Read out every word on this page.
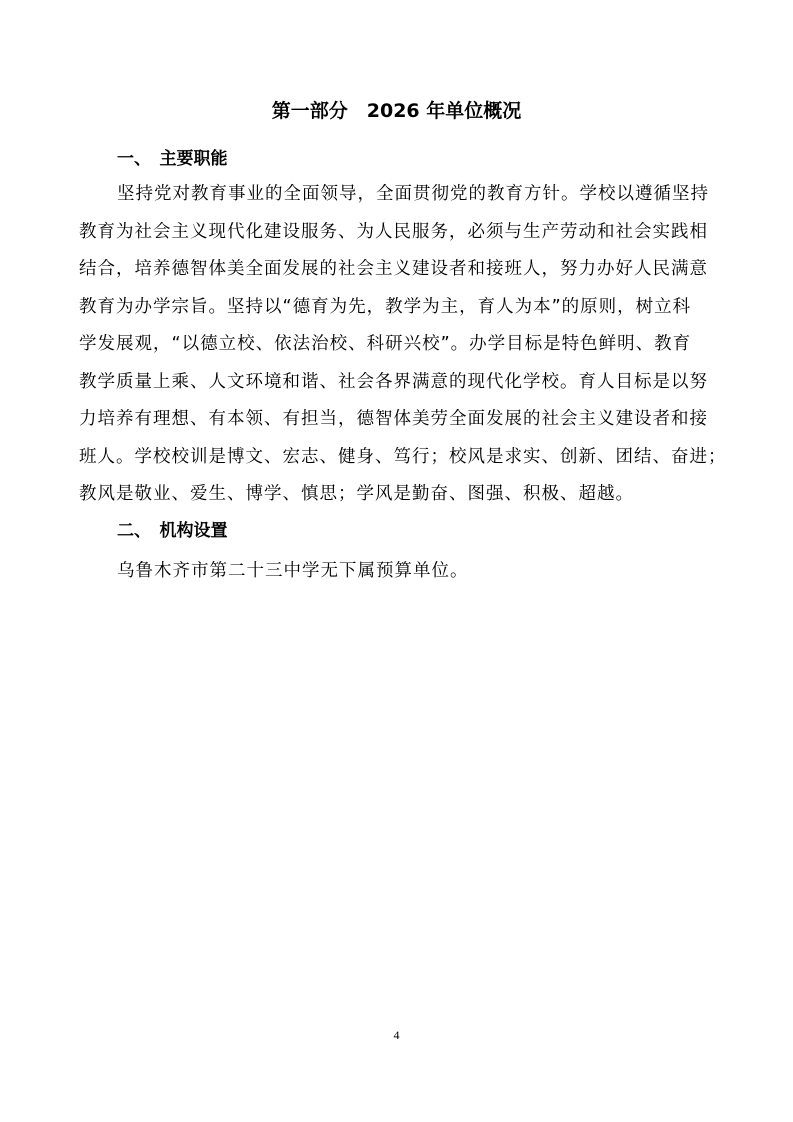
第一部分　2026 年单位概况
一、　主要职能
坚持党对教育事业的全面领导，全面贯彻党的教育方针。学校以遵循坚持
教育为社会主义现代化建设服务、为人民服务，必须与生产劳动和社会实践相
结合，培养德智体美全面发展的社会主义建设者和接班人，努力办好人民满意
教育为办学宗旨。坚持以“德育为先，教学为主，育人为本”的原则，树立科
学发展观，“以德立校、依法治校、科研兴校”。办学目标是特色鲜明、教育
教学质量上乘、人文环境和谐、社会各界满意的现代化学校。育人目标是以努
力培养有理想、有本领、有担当，德智体美劳全面发展的社会主义建设者和接
班人。学校校训是博文、宏志、健身、笃行；校风是求实、创新、团结、奋进；
教风是敬业、爱生、博学、慎思；学风是勤奋、图强、积极、超越。
二、　机构设置
乌鲁木齐市第二十三中学无下属预算单位。
4
